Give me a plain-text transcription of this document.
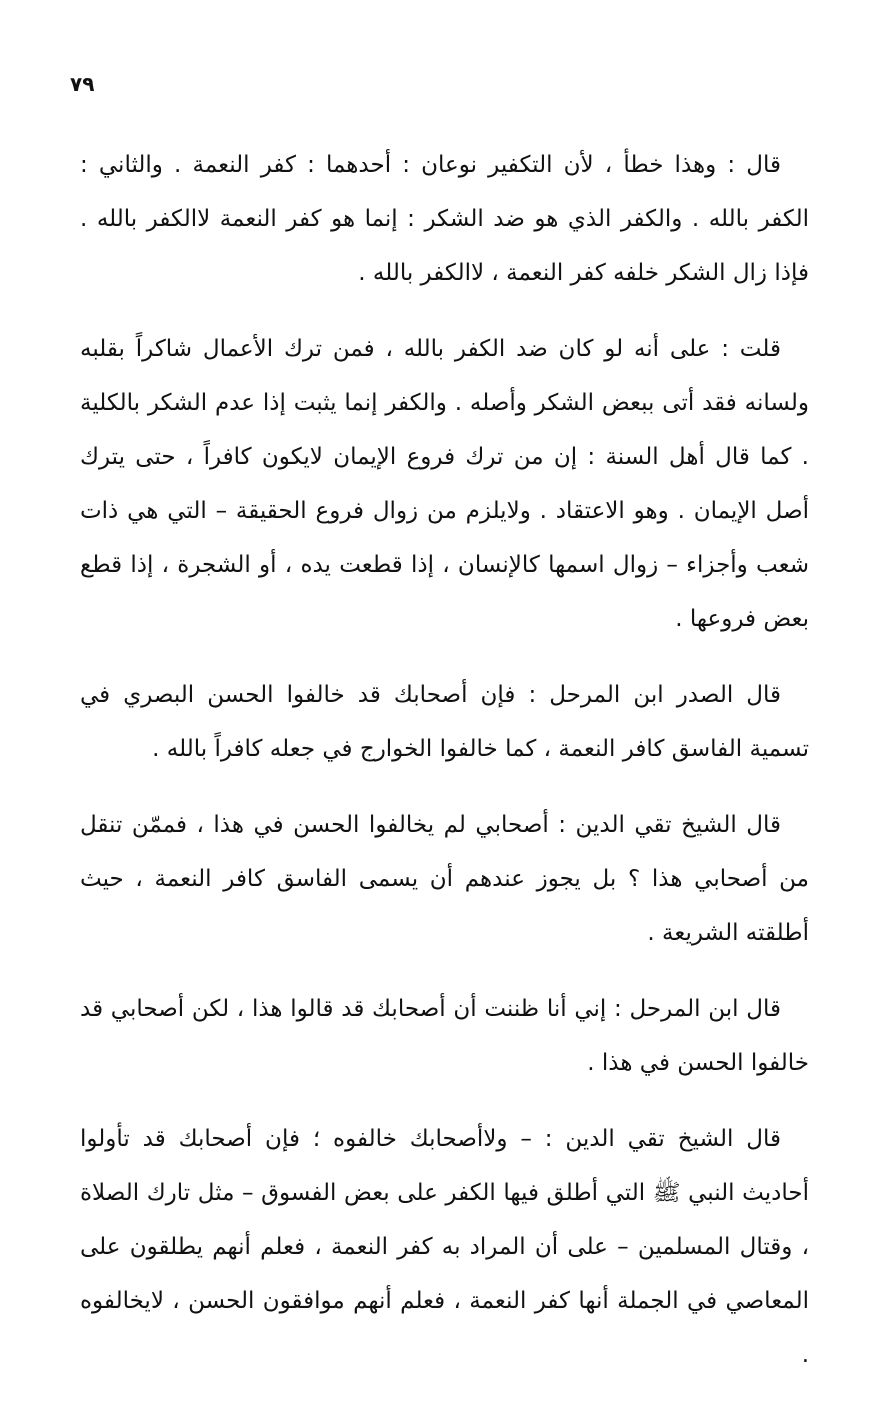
٧٩

قال : وهذا خطأ ، لأن التكفير نوعان : أحدهما : كفر النعمة . والثاني : الكفر بالله . والكفر الذي هو ضد الشكر : إنما هو كفر النعمة لاالكفر بالله . فإذا زال الشكر خلفه كفر النعمة ، لاالكفر بالله .

قلت : على أنه لو كان ضد الكفر بالله ، فمن ترك الأعمال شاكراً بقلبه ولسانه فقد أتى ببعض الشكر وأصله . والكفر إنما يثبت إذا عدم الشكر بالكلية . كما قال أهل السنة : إن من ترك فروع الإيمان لايكون كافراً ، حتى يترك أصل الإيمان . وهو الاعتقاد . ولايلزم من زوال فروع الحقيقة – التي هي ذات شعب وأجزاء – زوال اسمها كالإنسان ، إذا قطعت يده ، أو الشجرة ، إذا قطع بعض فروعها .

قال الصدر ابن المرحل : فإن أصحابك قد خالفوا الحسن البصري في تسمية الفاسق كافر النعمة ، كما خالفوا الخوارج في جعله كافراً بالله .

قال الشيخ تقي الدين : أصحابي لم يخالفوا الحسن في هذا ، فممّن تنقل من أصحابي هذا ؟ بل يجوز عندهم أن يسمى الفاسق كافر النعمة ، حيث أطلقته الشريعة .

قال ابن المرحل : إني أنا ظننت أن أصحابك قد قالوا هذا ، لكن أصحابي قد خالفوا الحسن في هذا .

قال الشيخ تقي الدين : – ولاأصحابك خالفوه ؛ فإن أصحابك قد تأولوا أحاديث النبي ﷺ التي أطلق فيها الكفر على بعض الفسوق – مثل تارك الصلاة ، وقتال المسلمين – على أن المراد به كفر النعمة ، فعلم أنهم يطلقون على المعاصي في الجملة أنها كفر النعمة ، فعلم أنهم موافقون الحسن ، لايخالفوه .
